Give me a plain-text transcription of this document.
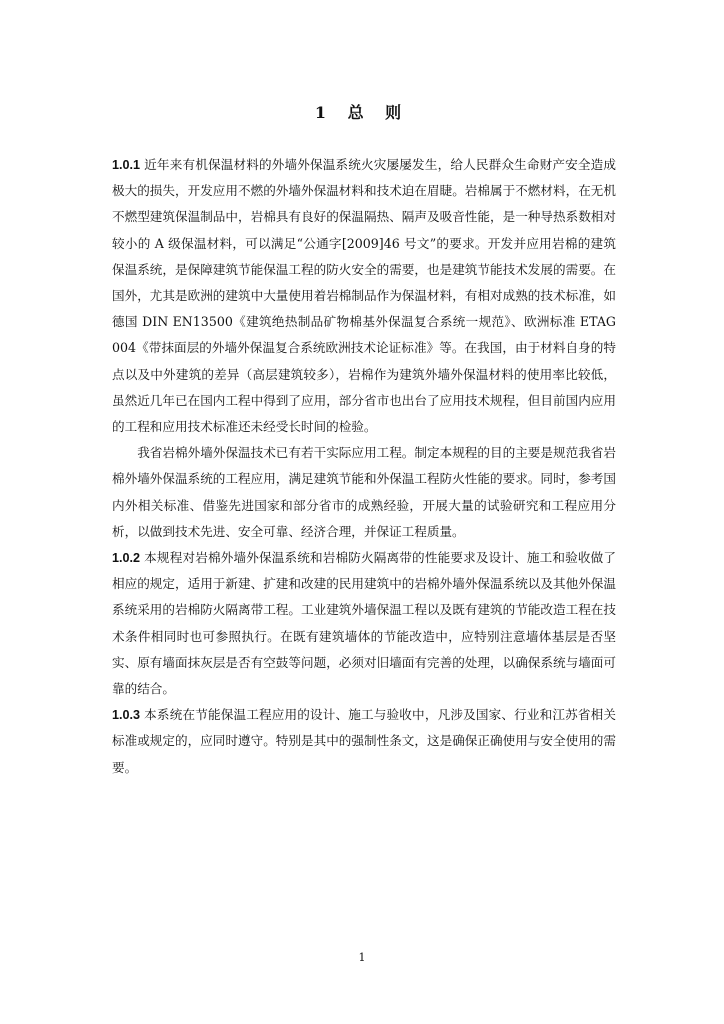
1 总 则

1.0.1 近年来有机保温材料的外墙外保温系统火灾屡屡发生，给人民群众生命财产安全造成极大的损失，开发应用不燃的外墙外保温材料和技术迫在眉睫。岩棉属于不燃材料，在无机不燃型建筑保温制品中，岩棉具有良好的保温隔热、隔声及吸音性能，是一种导热系数相对较小的 A 级保温材料，可以满足“公通字[2009]46 号文”的要求。开发并应用岩棉的建筑保温系统，是保障建筑节能保温工程的防火安全的需要，也是建筑节能技术发展的需要。在国外，尤其是欧洲的建筑中大量使用着岩棉制品作为保温材料，有相对成熟的技术标准，如德国 DIN EN13500《建筑绝热制品矿物棉基外保温复合系统一规范》、欧洲标准 ETAG 004《带抹面层的外墙外保温复合系统欧洲技术论证标准》等。在我国，由于材料自身的特点以及中外建筑的差异（高层建筑较多），岩棉作为建筑外墙外保温材料的使用率比较低，虽然近几年已在国内工程中得到了应用，部分省市也出台了应用技术规程，但目前国内应用的工程和应用技术标准还未经受长时间的检验。

我省岩棉外墙外保温技术已有若干实际应用工程。制定本规程的目的主要是规范我省岩棉外墙外保温系统的工程应用，满足建筑节能和外保温工程防火性能的要求。同时，参考国内外相关标准、借鉴先进国家和部分省市的成熟经验，开展大量的试验研究和工程应用分析，以做到技术先进、安全可靠、经济合理，并保证工程质量。

1.0.2 本规程对岩棉外墙外保温系统和岩棉防火隔离带的性能要求及设计、施工和验收做了相应的规定，适用于新建、扩建和改建的民用建筑中的岩棉外墙外保温系统以及其他外保温系统采用的岩棉防火隔离带工程。工业建筑外墙保温工程以及既有建筑的节能改造工程在技术条件相同时也可参照执行。在既有建筑墙体的节能改造中，应特别注意墙体基层是否坚实、原有墙面抹灰层是否有空鼓等问题，必须对旧墙面有完善的处理，以确保系统与墙面可靠的结合。

1.0.3 本系统在节能保温工程应用的设计、施工与验收中，凡涉及国家、行业和江苏省相关标准或规定的，应同时遵守。特别是其中的强制性条文，这是确保正确使用与安全使用的需要。

1
